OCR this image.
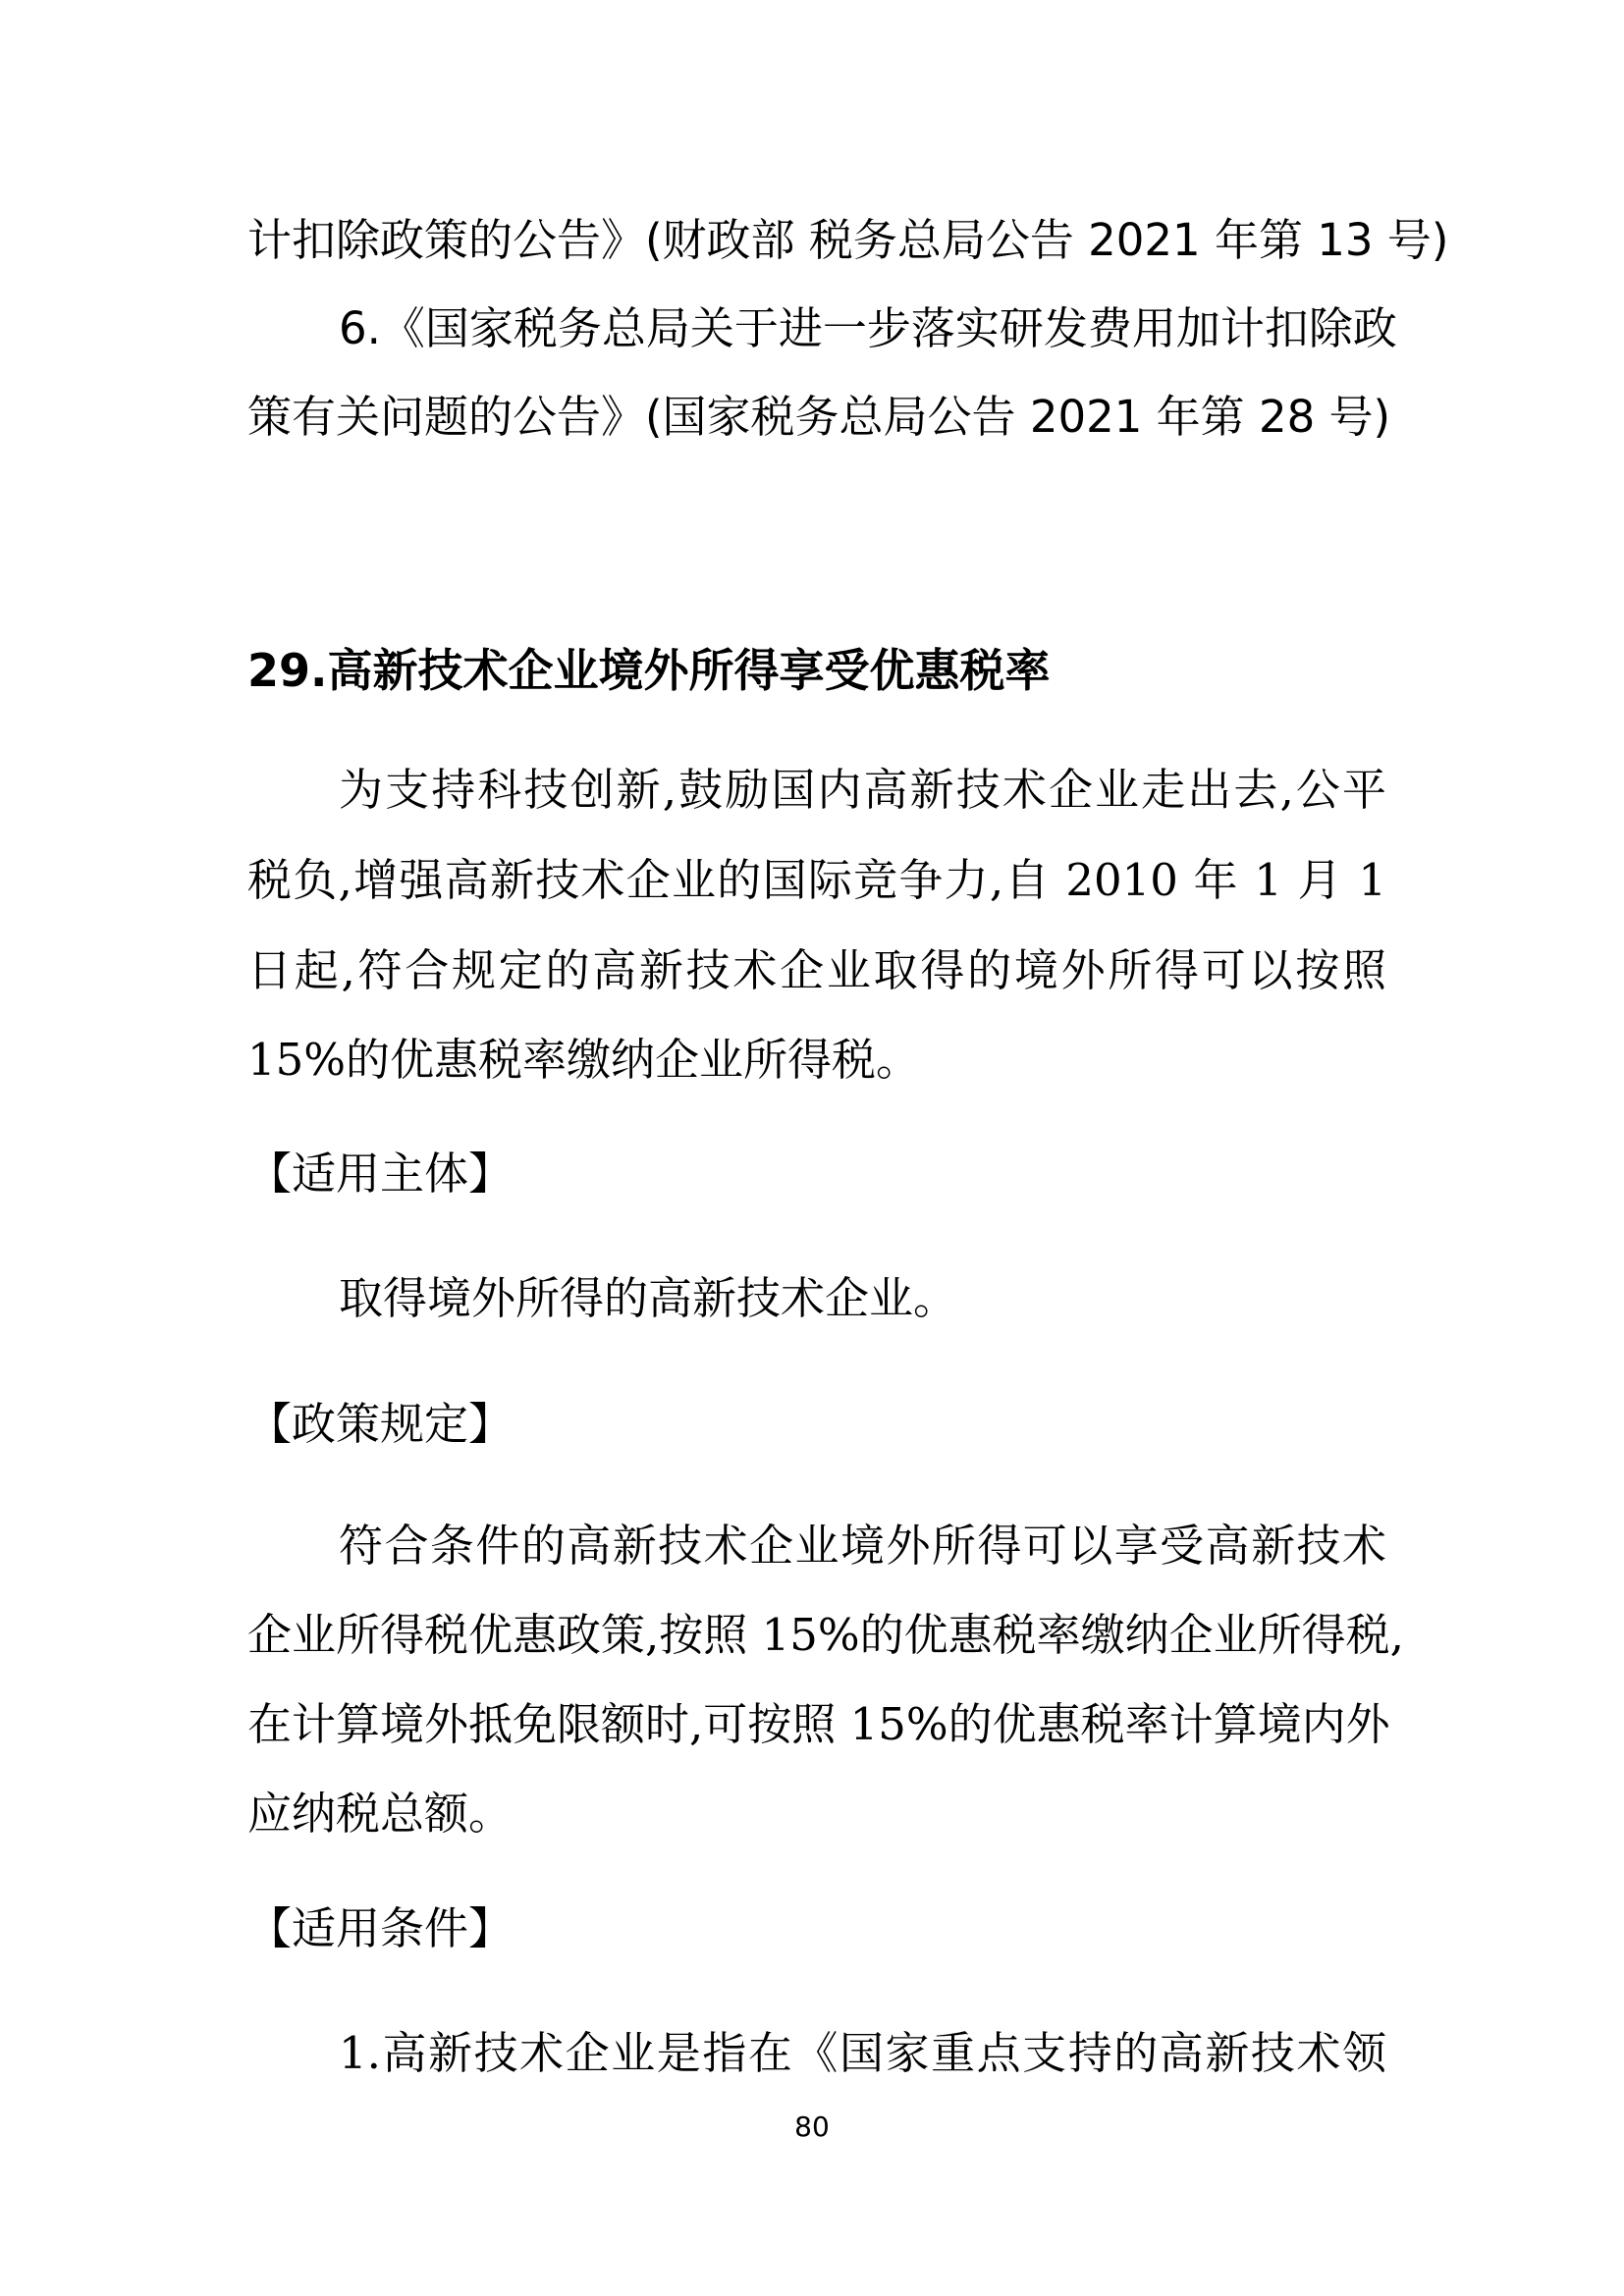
计扣除政策的公告》(财政部 税务总局公告 2021 年第 13 号)
6.《国家税务总局关于进一步落实研发费用加计扣除政
策有关问题的公告》(国家税务总局公告 2021 年第 28 号)
29.高新技术企业境外所得享受优惠税率
为支持科技创新,鼓励国内高新技术企业走出去,公平
税负,增强高新技术企业的国际竞争力,自 2010 年 1 月 1
日起,符合规定的高新技术企业取得的境外所得可以按照
15%的优惠税率缴纳企业所得税。
【适用主体】
取得境外所得的高新技术企业。
【政策规定】
符合条件的高新技术企业境外所得可以享受高新技术
企业所得税优惠政策,按照 15%的优惠税率缴纳企业所得税,
在计算境外抵免限额时,可按照 15%的优惠税率计算境内外
应纳税总额。
【适用条件】
1.高新技术企业是指在《国家重点支持的高新技术领
80
